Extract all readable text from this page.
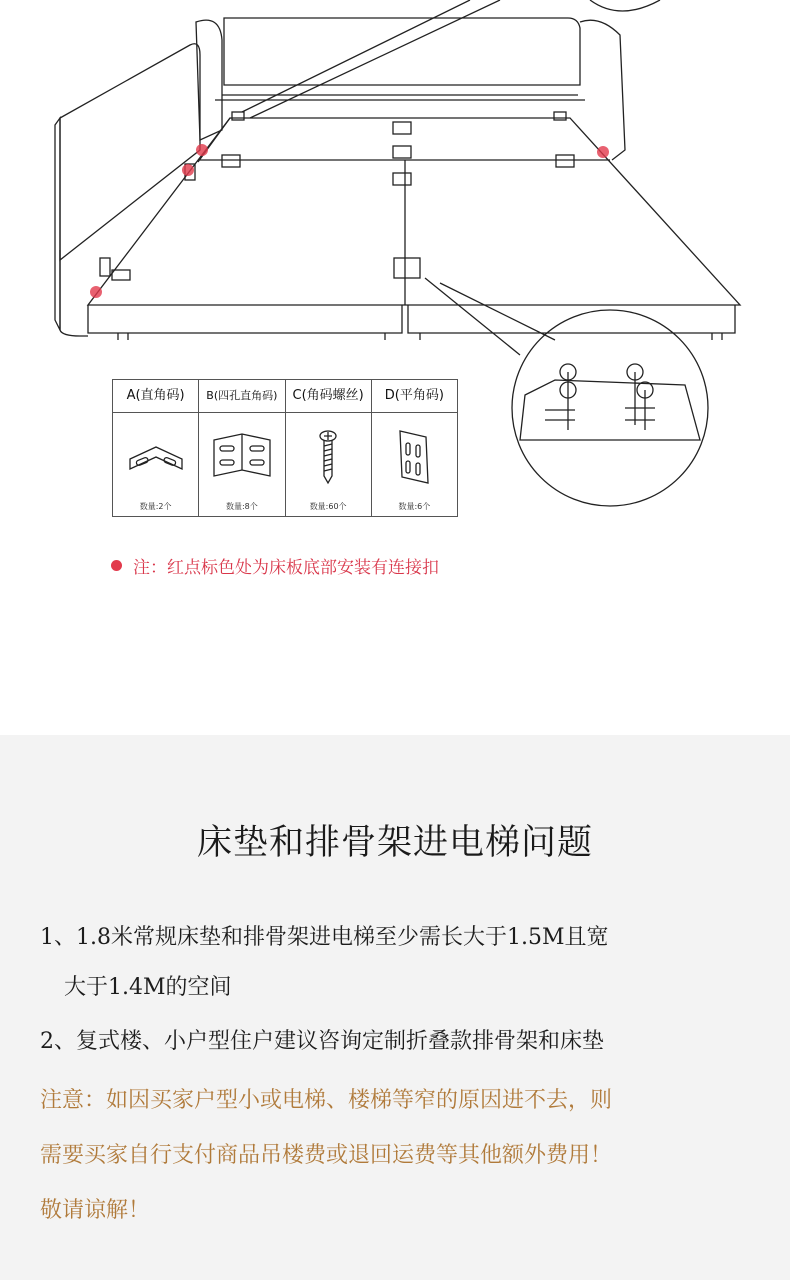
A(直角码)
数量:2个
B(四孔直角码)
数量:8个
C(角码螺丝)
数量:60个
D(平角码)
数量:6个
注：红点标色处为床板底部安装有连接扣
床垫和排骨架进电梯问题
1、1.8米常规床垫和排骨架进电梯至少需长大于1.5M且宽
大于1.4M的空间
2、复式楼、小户型住户建议咨询定制折叠款排骨架和床垫
注意：如因买家户型小或电梯、楼梯等窄的原因进不去，则
需要买家自行支付商品吊楼费或退回运费等其他额外费用！
敬请谅解！
